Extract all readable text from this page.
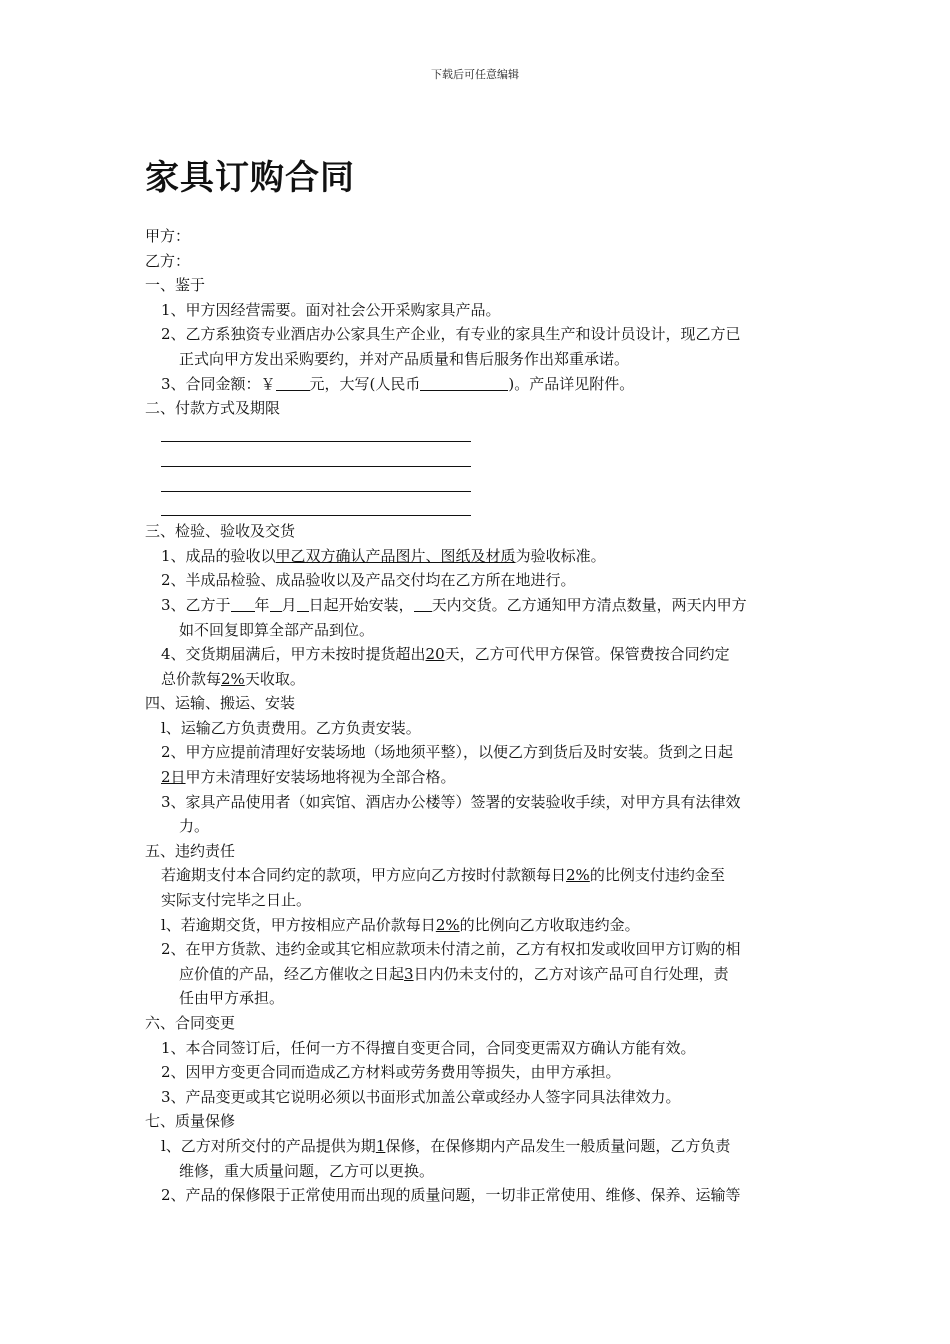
下载后可任意编辑
家具订购合同
甲方：
乙方：
一、鉴于
1、甲方因经营需要。面对社会公开采购家具产品。
2、乙方系独资专业酒店办公家具生产企业，有专业的家具生产和设计员设计，现乙方已
正式向甲方发出采购要约，并对产品质量和售后服务作出郑重承诺。
3、合同金额：￥ 元，大写(人民币	)。产品详见附件。
二、付款方式及期限
三、检验、验收及交货
1、成品的验收以甲乙双方确认产品图片、图纸及材质为验收标准。
2、半成品检验、成品验收以及产品交付均在乙方所在地进行。
3、乙方于 年 月 日起开始安装， 天内交货。乙方通知甲方清点数量，两天内甲方
如不回复即算全部产品到位。
4、交货期届满后，甲方未按时提货超出20天，乙方可代甲方保管。保管费按合同约定
总价款每2%天收取。
四、运输、搬运、安装
l、运输乙方负责费用。乙方负责安装。
2、甲方应提前清理好安装场地（场地须平整），以便乙方到货后及时安装。货到之日起
2日甲方未清理好安装场地将视为全部合格。
3、家具产品使用者（如宾馆、酒店办公楼等）签署的安装验收手续，对甲方具有法律效
力。
五、违约责任
若逾期支付本合同约定的款项，甲方应向乙方按时付款额每日2%的比例支付违约金至
实际支付完毕之日止。
l、若逾期交货，甲方按相应产品价款每日2%的比例向乙方收取违约金。
2、在甲方货款、违约金或其它相应款项未付清之前，乙方有权扣发或收回甲方订购的相
应价值的产品，经乙方催收之日起3日内仍未支付的，乙方对该产品可自行处理，责
任由甲方承担。
六、合同变更
1、本合同签订后，任何一方不得擅自变更合同，合同变更需双方确认方能有效。
2、因甲方变更合同而造成乙方材料或劳务费用等损失，由甲方承担。
3、产品变更或其它说明必须以书面形式加盖公章或经办人签字同具法律效力。
七、质量保修
l、乙方对所交付的产品提供为期1保修，在保修期内产品发生一般质量问题，乙方负责
维修，重大质量问题，乙方可以更换。
2、产品的保修限于正常使用而出现的质量问题，一切非正常使用、维修、保养、运输等
